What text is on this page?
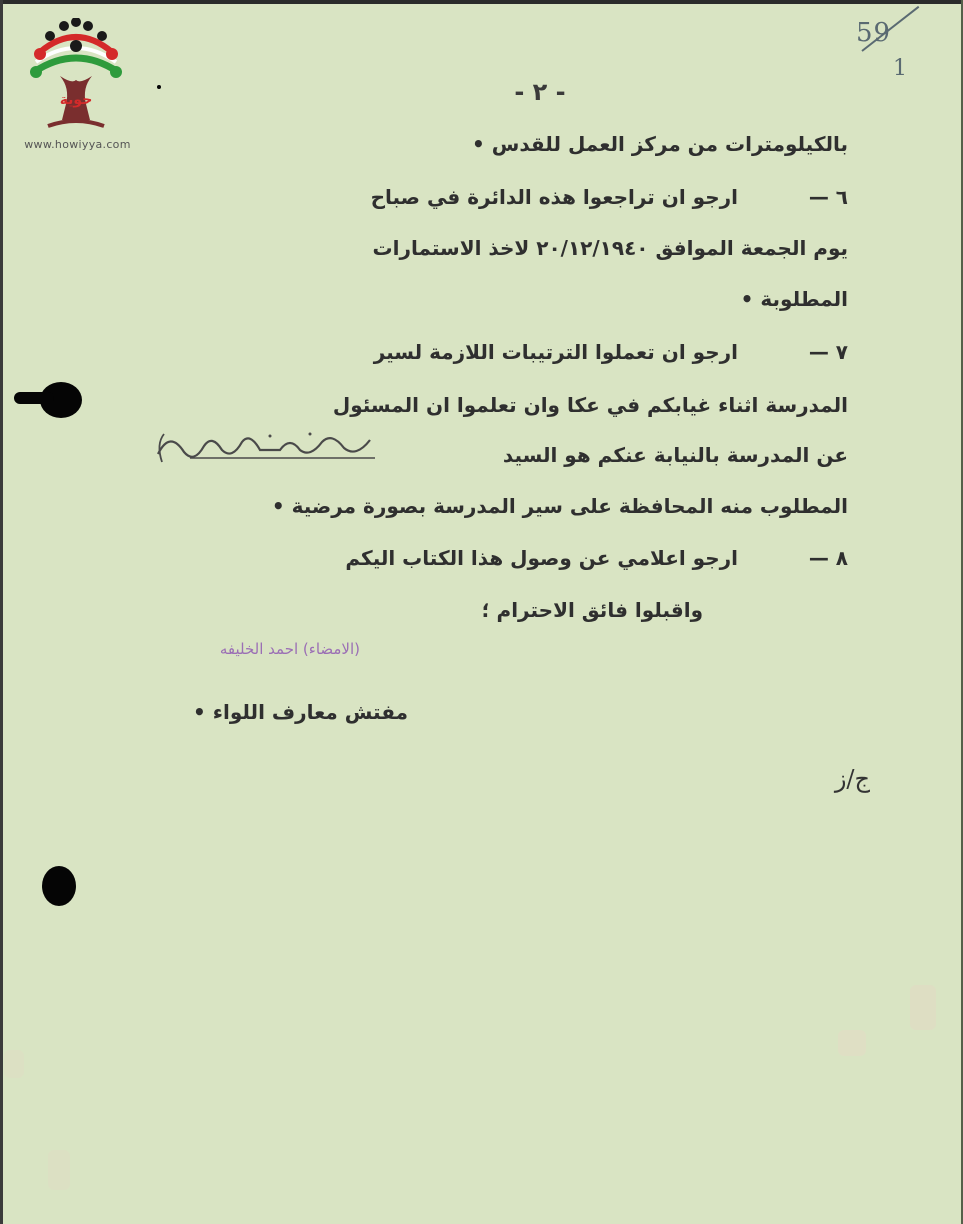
حوية
www.howiyya.com
59
1
- ٢ -
بالكيلومترات من مركز العمل للقدس •
٦ —
ارجو ان تراجعوا هذه الدائرة في صباح
يوم الجمعة الموافق ٢٠/١٢/١٩٤٠ لاخذ الاستمارات
المطلوبة •
٧ —
ارجو ان تعملوا الترتيبات اللازمة لسير
المدرسة اثناء غيابكم في عكا وان تعلموا ان المسئول
عن المدرسة بالنيابة عنكم هو السيد
اسماعيل البرغوثي
المطلوب منه المحافظة على سير المدرسة بصورة مرضية •
٨ —
ارجو اعلامي عن وصول هذا الكتاب اليكم
واقبلوا فائق الاحترام ؛
(الامضاء) احمد الخليفه
مفتش معارف اللواء •
ج/ز
